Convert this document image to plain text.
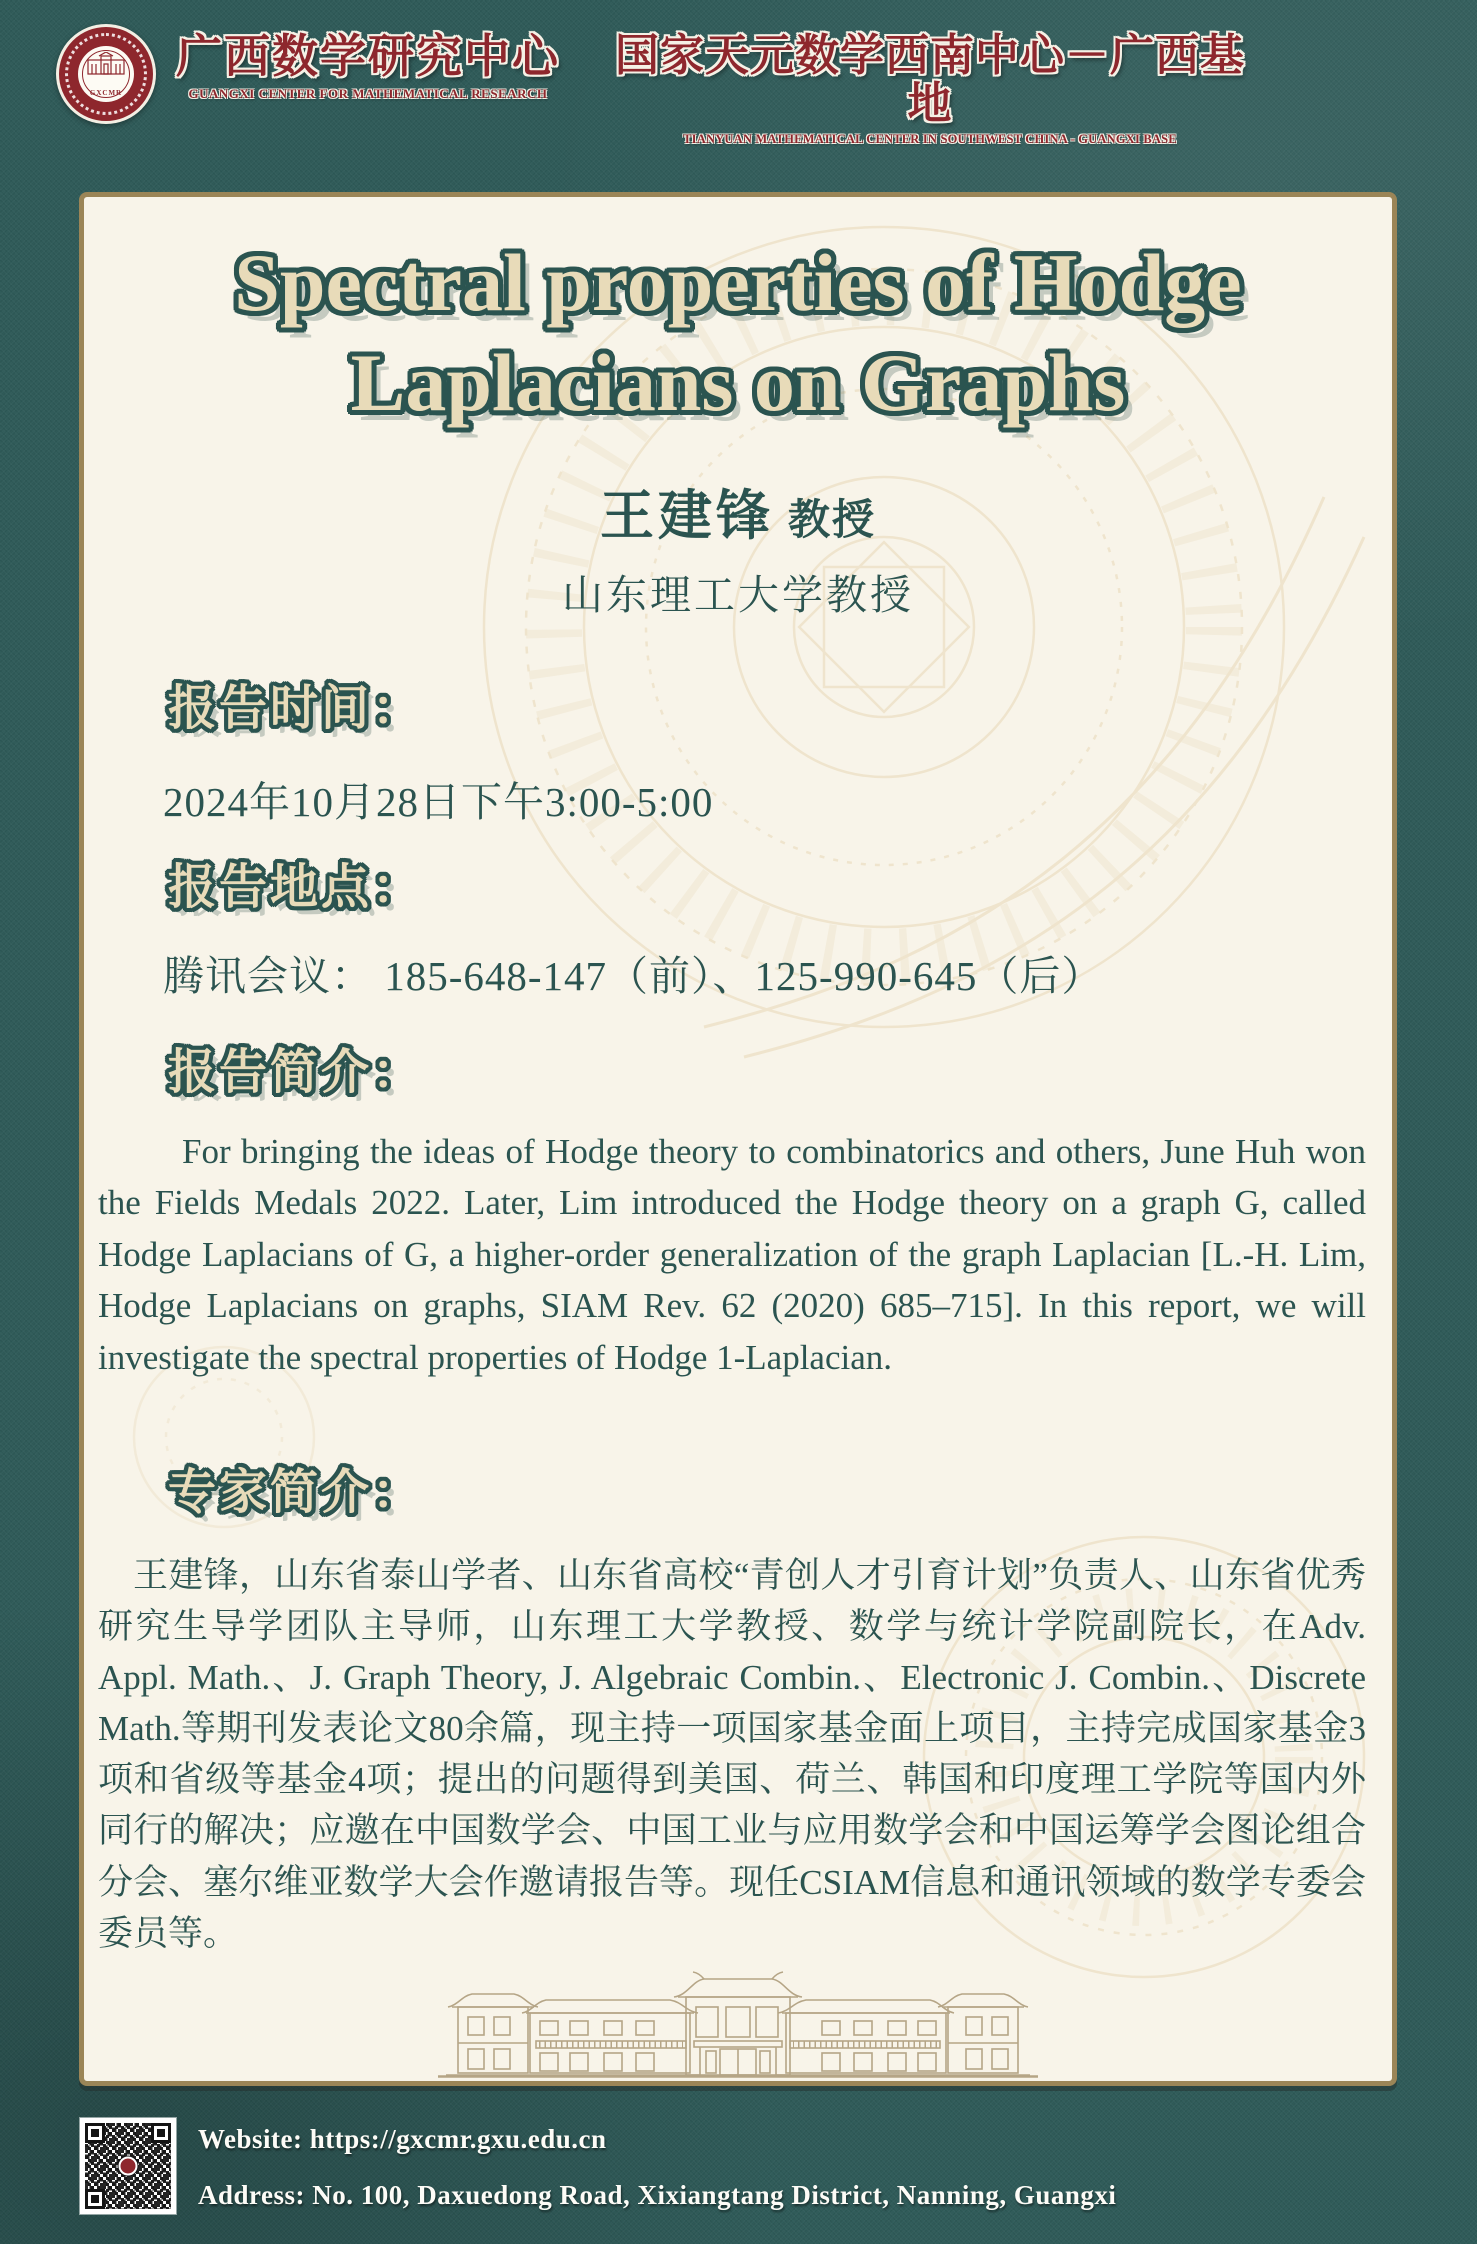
GXCMR
广西数学研究中心
GUANGXI CENTER FOR MATHEMATICAL RESEARCH
国家天元数学西南中心－广西基地
TIANYUAN MATHEMATICAL CENTER IN SOUTHWEST CHINA - GUANGXI BASE
Spectral properties of Hodge
Laplacians on Graphs
王建锋 教授
山东理工大学教授
报告时间：
2024年10月28日下午3:00-5:00
报告地点：
腾讯会议： 185-648-147（前）、125-990-645（后）
报告简介：
For bringing the ideas of Hodge theory to combinatorics and others, June Huh won the Fields Medals 2022. Later, Lim introduced the Hodge theory on a graph G, called Hodge Laplacians of G, a higher-order generalization of the graph Laplacian [L.-H. Lim, Hodge Laplacians on graphs, SIAM Rev. 62 (2020) 685–715]. In this report, we will investigate the spectral properties of Hodge 1-Laplacian.
专家简介：
王建锋，山东省泰山学者、山东省高校“青创人才引育计划”负责人、山东省优秀研究生导学团队主导师，山东理工大学教授、数学与统计学院副院长，在Adv. Appl. Math.、J. Graph Theory, J. Algebraic Combin.、Electronic J. Combin.、Discrete Math.等期刊发表论文80余篇，现主持一项国家基金面上项目，主持完成国家基金3项和省级等基金4项；提出的问题得到美国、荷兰、韩国和印度理工学院等国内外同行的解决；应邀在中国数学会、中国工业与应用数学会和中国运筹学会图论组合分会、塞尔维亚数学大会作邀请报告等。现任CSIAM信息和通讯领域的数学专委会委员等。
Website: https://gxcmr.gxu.edu.cn
Address: No. 100, Daxuedong Road, Xixiangtang District, Nanning, Guangxi
